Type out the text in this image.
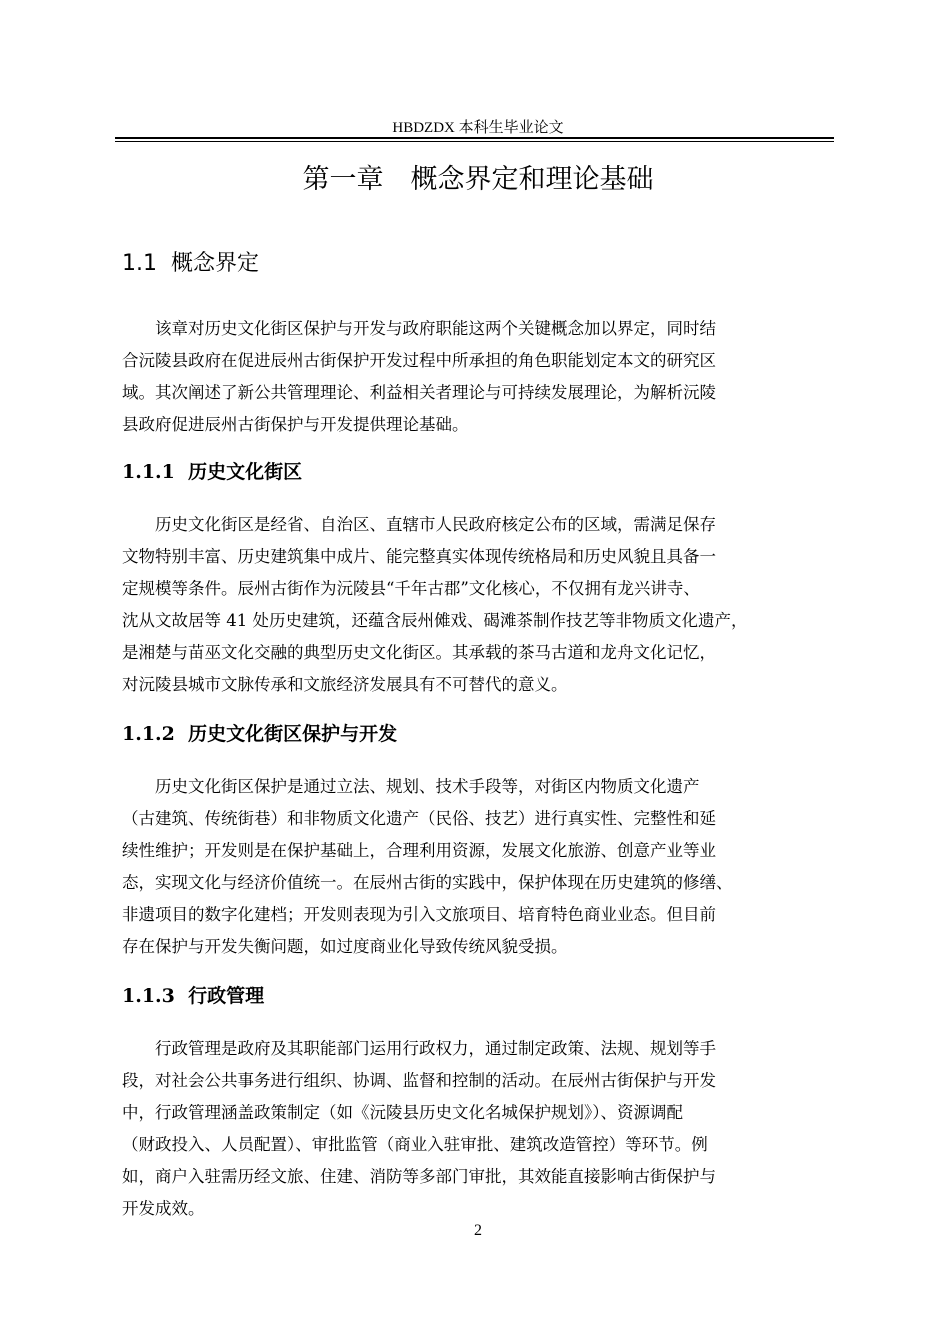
HBDZDX 本科生毕业论文
第一章　概念界定和理论基础
1.1  概念界定
　　该章对历史文化街区保护与开发与政府职能这两个关键概念加以界定，同时结
合沅陵县政府在促进辰州古街保护开发过程中所承担的角色职能划定本文的研究区
域。其次阐述了新公共管理理论、利益相关者理论与可持续发展理论，为解析沅陵
县政府促进辰州古街保护与开发提供理论基础。
1.1.1  历史文化街区
　　历史文化街区是经省、自治区、直辖市人民政府核定公布的区域，需满足保存
文物特别丰富、历史建筑集中成片、能完整真实体现传统格局和历史风貌且具备一
定规模等条件。辰州古街作为沅陵县“千年古郡”文化核心，不仅拥有龙兴讲寺、
沈从文故居等 41 处历史建筑，还蕴含辰州傩戏、碣滩茶制作技艺等非物质文化遗产，
是湘楚与苗巫文化交融的典型历史文化街区。其承载的茶马古道和龙舟文化记忆，
对沅陵县城市文脉传承和文旅经济发展具有不可替代的意义。
1.1.2  历史文化街区保护与开发
　　历史文化街区保护是通过立法、规划、技术手段等，对街区内物质文化遗产
（古建筑、传统街巷）和非物质文化遗产（民俗、技艺）进行真实性、完整性和延
续性维护；开发则是在保护基础上，合理利用资源，发展文化旅游、创意产业等业
态，实现文化与经济价值统一。在辰州古街的实践中，保护体现在历史建筑的修缮、
非遗项目的数字化建档；开发则表现为引入文旅项目、培育特色商业业态。但目前
存在保护与开发失衡问题，如过度商业化导致传统风貌受损。
1.1.3  行政管理
　　行政管理是政府及其职能部门运用行政权力，通过制定政策、法规、规划等手
段，对社会公共事务进行组织、协调、监督和控制的活动。在辰州古街保护与开发
中，行政管理涵盖政策制定（如《沅陵县历史文化名城保护规划》）、资源调配
（财政投入、人员配置）、审批监管（商业入驻审批、建筑改造管控）等环节。例
如，商户入驻需历经文旅、住建、消防等多部门审批，其效能直接影响古街保护与
开发成效。
2
